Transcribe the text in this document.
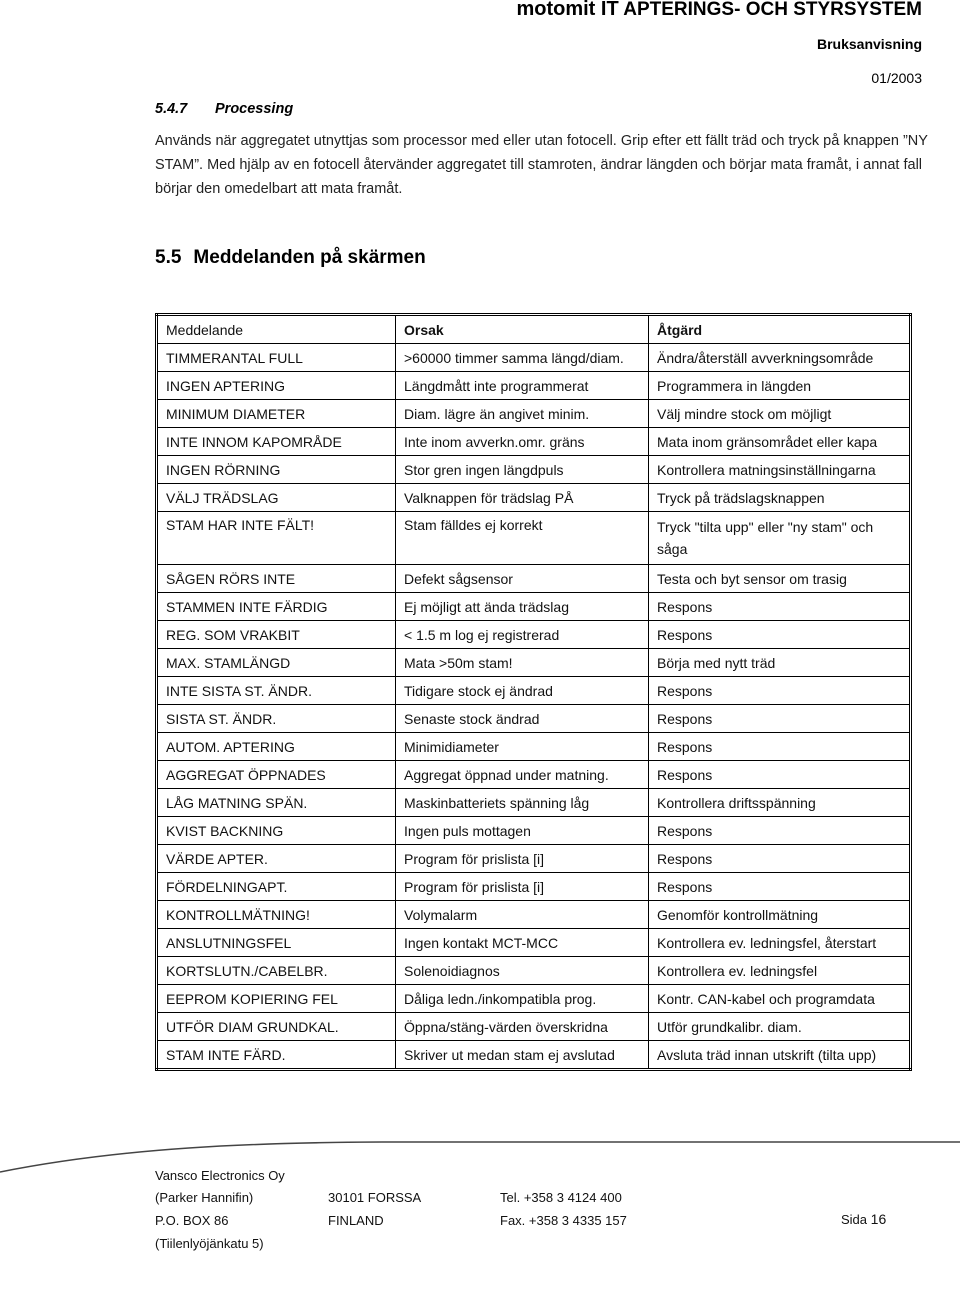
motomit IT APTERINGS- OCH STYRSYSTEM
Bruksanvisning
01/2003
5.4.7 Processing
Används när aggregatet utnyttjas som processor med eller utan fotocell. Grip efter ett fällt träd och tryck på knappen ”NY STAM”. Med hjälp av en fotocell återvänder aggregatet till stamroten, ändrar längden och börjar mata framåt, i annat fall börjar den omedelbart att mata framåt.
5.5 Meddelanden på skärmen
Meddelande	Orsak	Åtgärd
TIMMERANTAL FULL	>60000 timmer samma längd/diam.	Ändra/återställ avverkningsområde
INGEN APTERING	Längdmått inte programmerat	Programmera in längden
MINIMUM DIAMETER	Diam. lägre än angivet minim.	Välj mindre stock om möjligt
INTE INNOM KAPOMRÅDE	Inte inom avverkn.omr. gräns	Mata inom gränsområdet eller kapa
INGEN RÖRNING	Stor gren ingen längdpuls	Kontrollera matningsinställningarna
VÄLJ TRÄDSLAG	Valknappen för trädslag PÅ	Tryck på trädslagsknappen
STAM HAR INTE FÄLT!	Stam fälldes ej korrekt	Tryck "tilta upp" eller "ny stam" och
såga

SÅGEN RÖRS INTE	Defekt sågsensor	Testa och byt sensor om trasig
STAMMEN INTE FÄRDIG	Ej möjligt att ända trädslag	Respons
REG. SOM VRAKBIT	< 1.5 m log ej registrerad	Respons
MAX. STAMLÄNGD	Mata >50m stam!	Börja med nytt träd
INTE SISTA ST. ÄNDR.	Tidigare stock ej ändrad	Respons
SISTA ST. ÄNDR.	Senaste stock ändrad	Respons
AUTOM. APTERING	Minimidiameter	Respons
AGGREGAT ÖPPNADES	Aggregat öppnad under matning.	Respons
LÅG MATNING SPÄN.	Maskinbatteriets spänning låg	Kontrollera driftsspänning
KVIST BACKNING	Ingen puls mottagen	Respons
VÄRDE APTER.	Program för prislista [i]	Respons
FÖRDELNINGAPT.	Program för prislista [i]	Respons
KONTROLLMÄTNING!	Volymalarm	Genomför kontrollmätning
ANSLUTNINGSFEL	Ingen kontakt MCT-MCC	Kontrollera ev. ledningsfel, återstart
KORTSLUTN./CABELBR.	Solenoidiagnos	Kontrollera ev. ledningsfel
EEPROM KOPIERING FEL	Dåliga ledn./inkompatibla prog.	Kontr. CAN-kabel och programdata
UTFÖR DIAM GRUNDKAL.	Öppna/stäng-värden överskridna	Utför grundkalibr. diam.
STAM INTE FÄRD.	Skriver ut medan stam ej avslutad	Avsluta träd innan utskrift (tilta upp)
Vansco Electronics Oy
(Parker Hannifin)	30101 FORSSA	Tel. +358 3 4124 400
P.O. BOX 86	FINLAND	Fax. +358 3 4335 157	Sida 16
(Tiilenlyöjänkatu 5)
